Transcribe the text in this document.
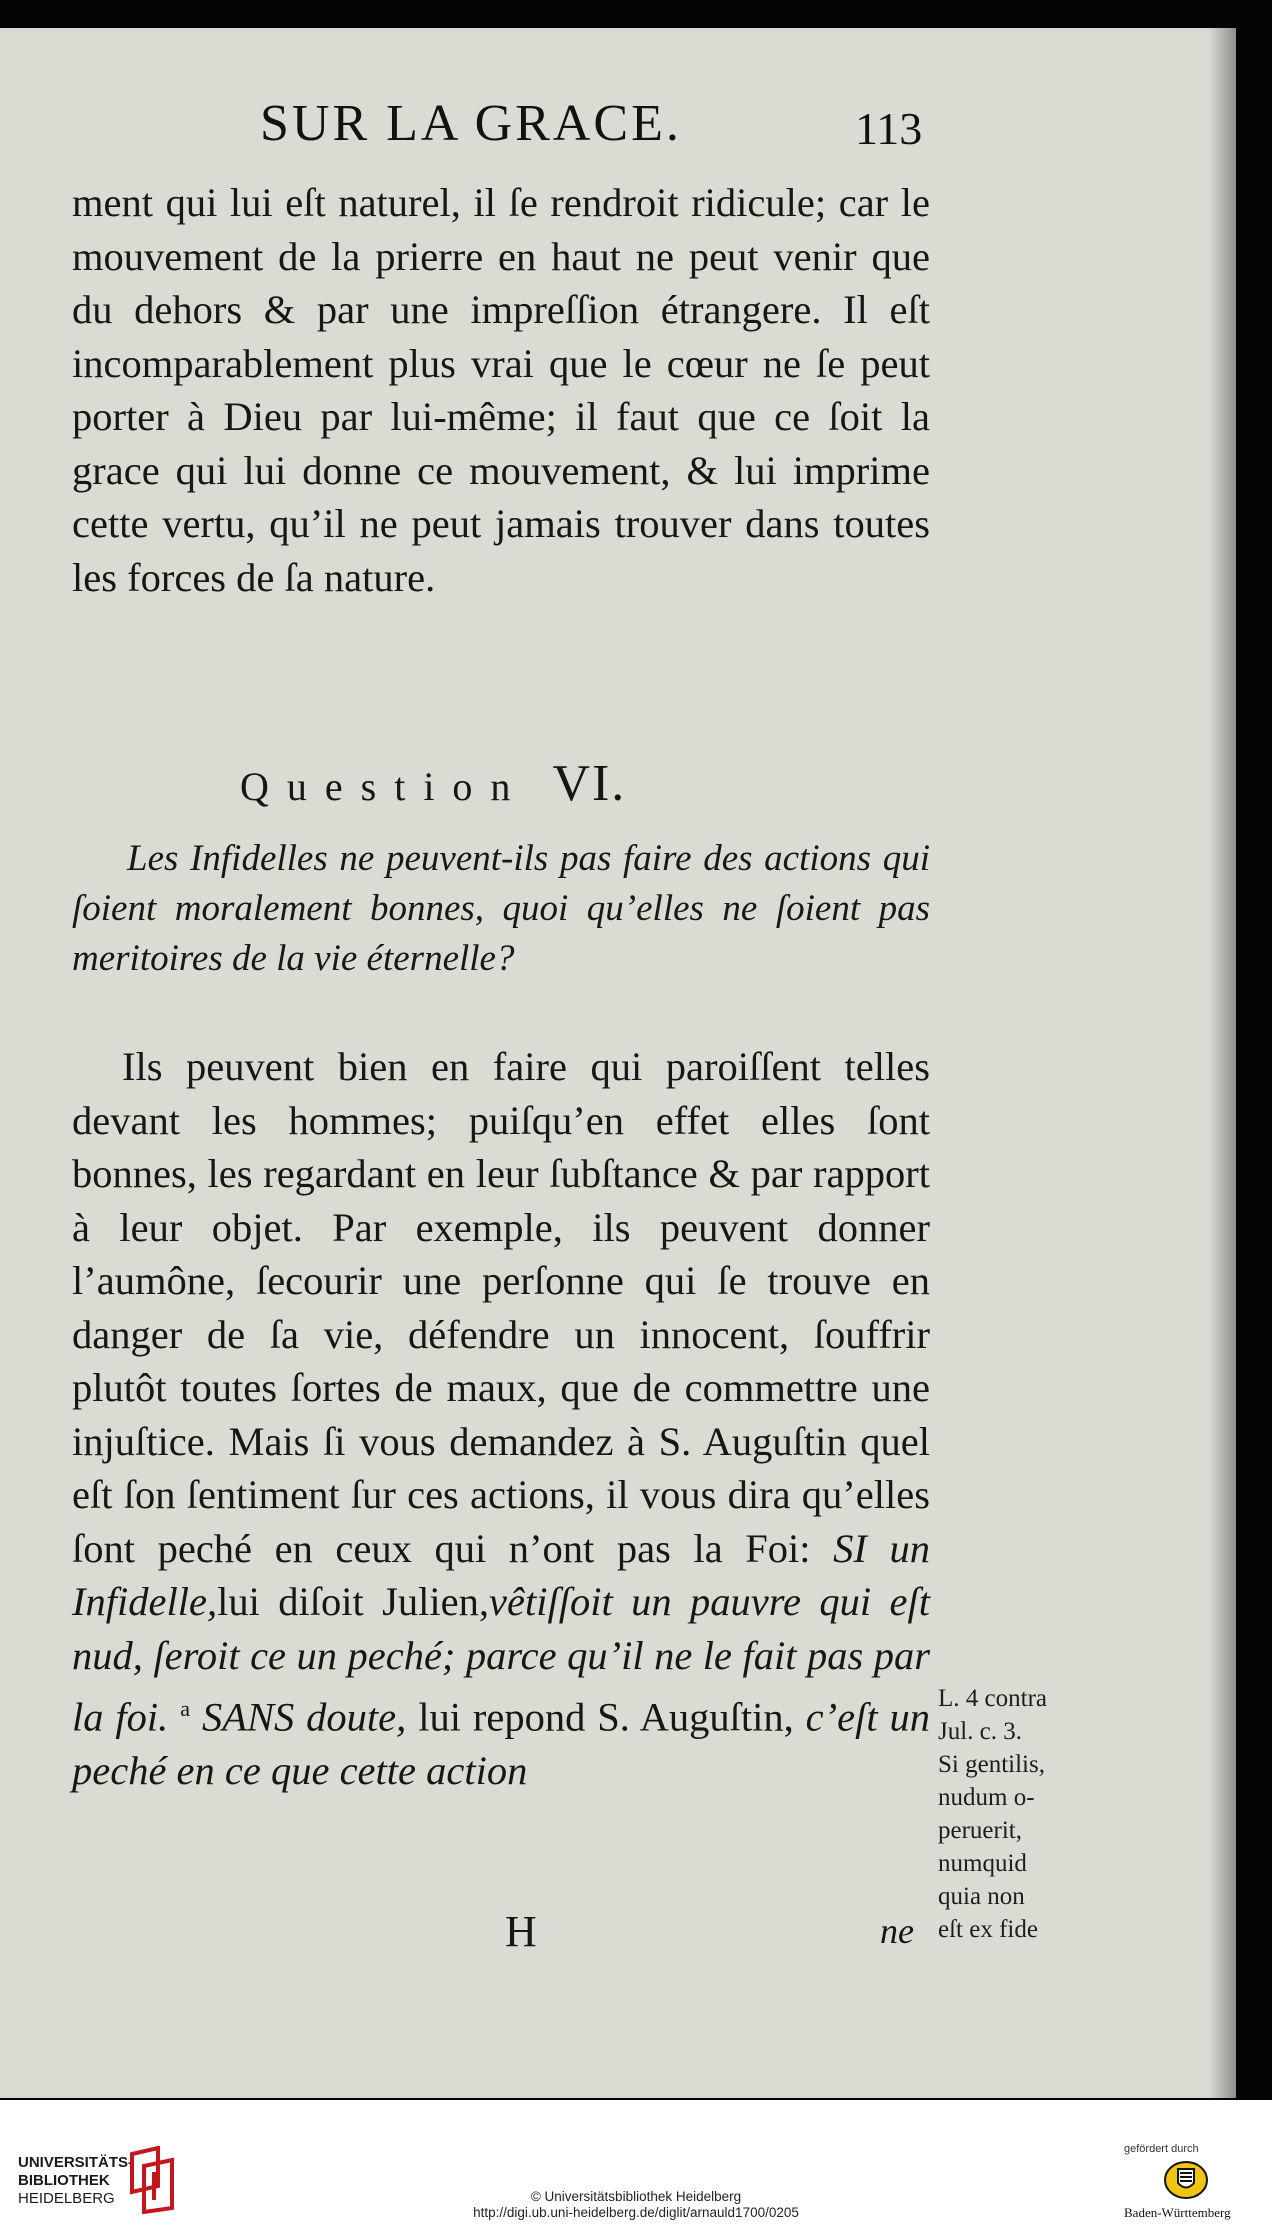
SUR LA GRACE.	113

ment qui lui eſt naturel, il ſe rendroit ridicule; car le mouvement de la prierre en haut ne peut venir que du dehors & par une impreſſion étrangere. Il eſt incomparablement plus vrai que le cœur ne ſe peut porter à Dieu par lui-même; il faut que ce ſoit la grace qui lui donne ce mouvement, & lui imprime cette vertu, qu’il ne peut jamais trouver dans toutes les forces de ſa nature.

Question VI.

Les Infidelles ne peuvent-ils pas faire des actions qui ſoient moralement bonnes, quoi qu’elles ne ſoient pas meritoires de la vie éternelle?

Ils peuvent bien en faire qui paroiſſent telles devant les hommes; puiſqu’en effet elles ſont bonnes, les regardant en leur ſubſtance & par rapport à leur objet. Par exemple, ils peuvent donner l’aumône, ſecourir une perſonne qui ſe trouve en danger de ſa vie, défendre un innocent, ſouffrir plutôt toutes ſortes de maux, que de commettre une injuſtice. Mais ſi vous demandez à S. Auguſtin quel eſt ſon ſentiment ſur ces actions, il vous dira qu’elles ſont peché en ceux qui n’ont pas la Foi: SI un Infidelle,lui diſoit Julien,vêtiſſoit un pauvre qui eſt nud, ſeroit ce un peché; parce qu’il ne le fait pas par la foi. $^a$ SANS doute, lui repond S. Auguſtin, c’eſt un peché en ce que cette action

H	ne
L. 4 contra
Jul. c. 3.
Si gentilis,
nudum o-
peruerit,
numquid
quia non
eſt ex fide
UNIVERSITÄTS-
BIBLIOTHEK
HEIDELBERG	© Universitätsbibliothek Heidelberg
http://digi.ub.uni-heidelberg.de/diglit/arnauld1700/0205
gefördert durch
Baden-Württemberg
